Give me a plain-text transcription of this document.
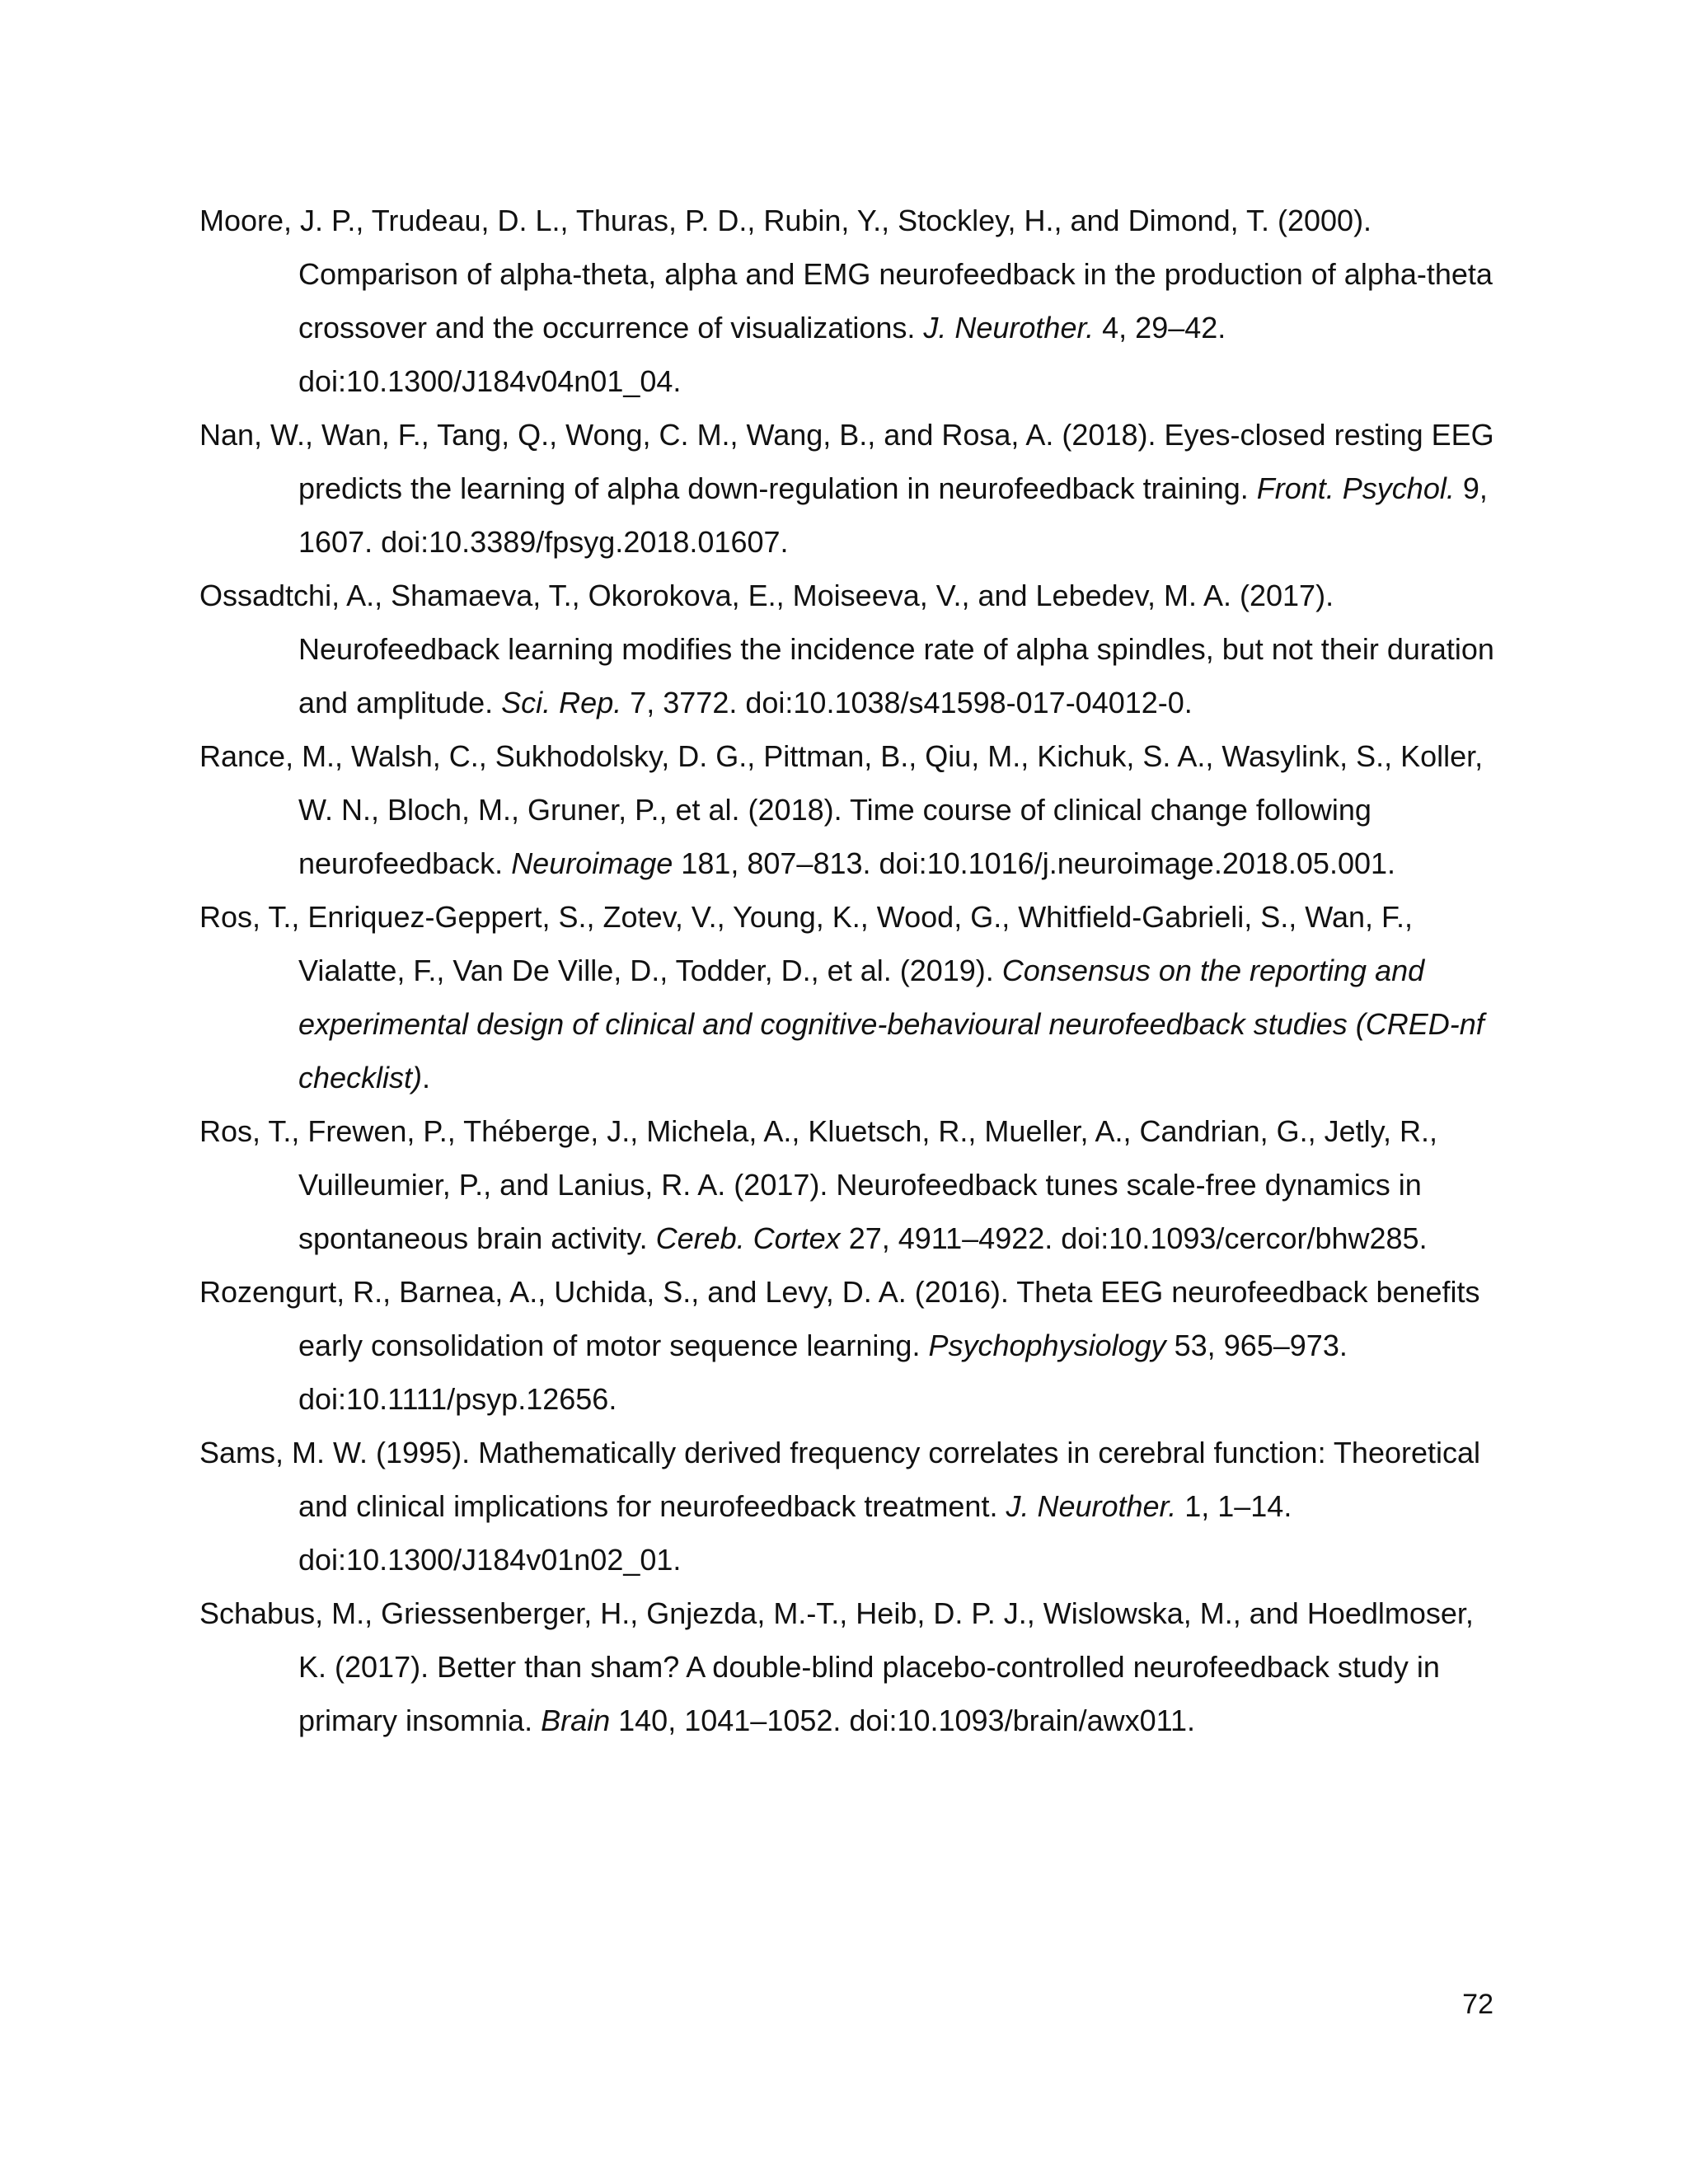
Moore, J. P., Trudeau, D. L., Thuras, P. D., Rubin, Y., Stockley, H., and Dimond, T. (2000). Comparison of alpha-theta, alpha and EMG neurofeedback in the production of alpha-theta crossover and the occurrence of visualizations. J. Neurother. 4, 29–42. doi:10.1300/J184v04n01_04.
Nan, W., Wan, F., Tang, Q., Wong, C. M., Wang, B., and Rosa, A. (2018). Eyes-closed resting EEG predicts the learning of alpha down-regulation in neurofeedback training. Front. Psychol. 9, 1607. doi:10.3389/fpsyg.2018.01607.
Ossadtchi, A., Shamaeva, T., Okorokova, E., Moiseeva, V., and Lebedev, M. A. (2017). Neurofeedback learning modifies the incidence rate of alpha spindles, but not their duration and amplitude. Sci. Rep. 7, 3772. doi:10.1038/s41598-017-04012-0.
Rance, M., Walsh, C., Sukhodolsky, D. G., Pittman, B., Qiu, M., Kichuk, S. A., Wasylink, S., Koller, W. N., Bloch, M., Gruner, P., et al. (2018). Time course of clinical change following neurofeedback. Neuroimage 181, 807–813. doi:10.1016/j.neuroimage.2018.05.001.
Ros, T., Enriquez-Geppert, S., Zotev, V., Young, K., Wood, G., Whitfield-Gabrieli, S., Wan, F., Vialatte, F., Van De Ville, D., Todder, D., et al. (2019). Consensus on the reporting and experimental design of clinical and cognitive-behavioural neurofeedback studies (CRED-nf checklist).
Ros, T., Frewen, P., Théberge, J., Michela, A., Kluetsch, R., Mueller, A., Candrian, G., Jetly, R., Vuilleumier, P., and Lanius, R. A. (2017). Neurofeedback tunes scale-free dynamics in spontaneous brain activity. Cereb. Cortex 27, 4911–4922. doi:10.1093/cercor/bhw285.
Rozengurt, R., Barnea, A., Uchida, S., and Levy, D. A. (2016). Theta EEG neurofeedback benefits early consolidation of motor sequence learning. Psychophysiology 53, 965–973. doi:10.1111/psyp.12656.
Sams, M. W. (1995). Mathematically derived frequency correlates in cerebral function: Theoretical and clinical implications for neurofeedback treatment. J. Neurother. 1, 1–14. doi:10.1300/J184v01n02_01.
Schabus, M., Griessenberger, H., Gnjezda, M.-T., Heib, D. P. J., Wislowska, M., and Hoedlmoser, K. (2017). Better than sham? A double-blind placebo-controlled neurofeedback study in primary insomnia. Brain 140, 1041–1052. doi:10.1093/brain/awx011.
72
